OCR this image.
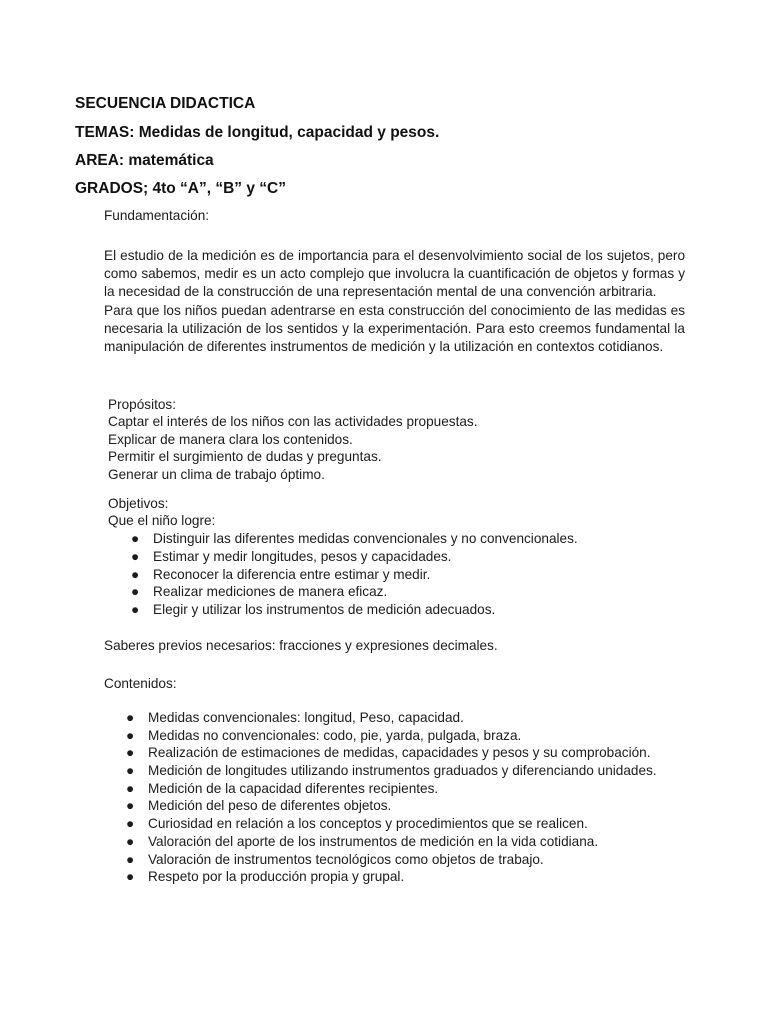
SECUENCIA DIDACTICA
TEMAS: Medidas de longitud, capacidad y pesos.
AREA: matemática
GRADOS; 4to “A”, “B” y “C”
Fundamentación:

El estudio de la medición es de importancia para el desenvolvimiento social de los sujetos, pero como sabemos, medir es un acto complejo que involucra la cuantificación de objetos y formas y la necesidad de la construcción de una representación mental de una convención arbitraria.

Para que los niños puedan adentrarse en esta construcción del conocimiento de las medidas es necesaria la utilización de los sentidos y la experimentación. Para esto creemos fundamental la manipulación de diferentes instrumentos de medición y la utilización en contextos cotidianos.

Propósitos:
Captar el interés de los niños con las actividades propuestas.
Explicar de manera clara los contenidos.
Permitir el surgimiento de dudas y preguntas.
Generar un clima de trabajo óptimo.
Objetivos:
Que el niño logre:
● Distinguir las diferentes medidas convencionales y no convencionales.
● Estimar y medir longitudes, pesos y capacidades.
● Reconocer la diferencia entre estimar y medir.
● Realizar mediciones de manera eficaz.
● Elegir y utilizar los instrumentos de medición adecuados.
Saberes previos necesarios: fracciones y expresiones decimales.
Contenidos:
● Medidas convencionales: longitud, Peso, capacidad.
● Medidas no convencionales: codo, pie, yarda, pulgada, braza.
● Realización de estimaciones de medidas, capacidades y pesos y su comprobación.
● Medición de longitudes utilizando instrumentos graduados y diferenciando unidades.
● Medición de la capacidad diferentes recipientes.
● Medición del peso de diferentes objetos.
● Curiosidad en relación a los conceptos y procedimientos que se realicen.
● Valoración del aporte de los instrumentos de medición en la vida cotidiana.
● Valoración de instrumentos tecnológicos como objetos de trabajo.
● Respeto por la producción propia y grupal.
